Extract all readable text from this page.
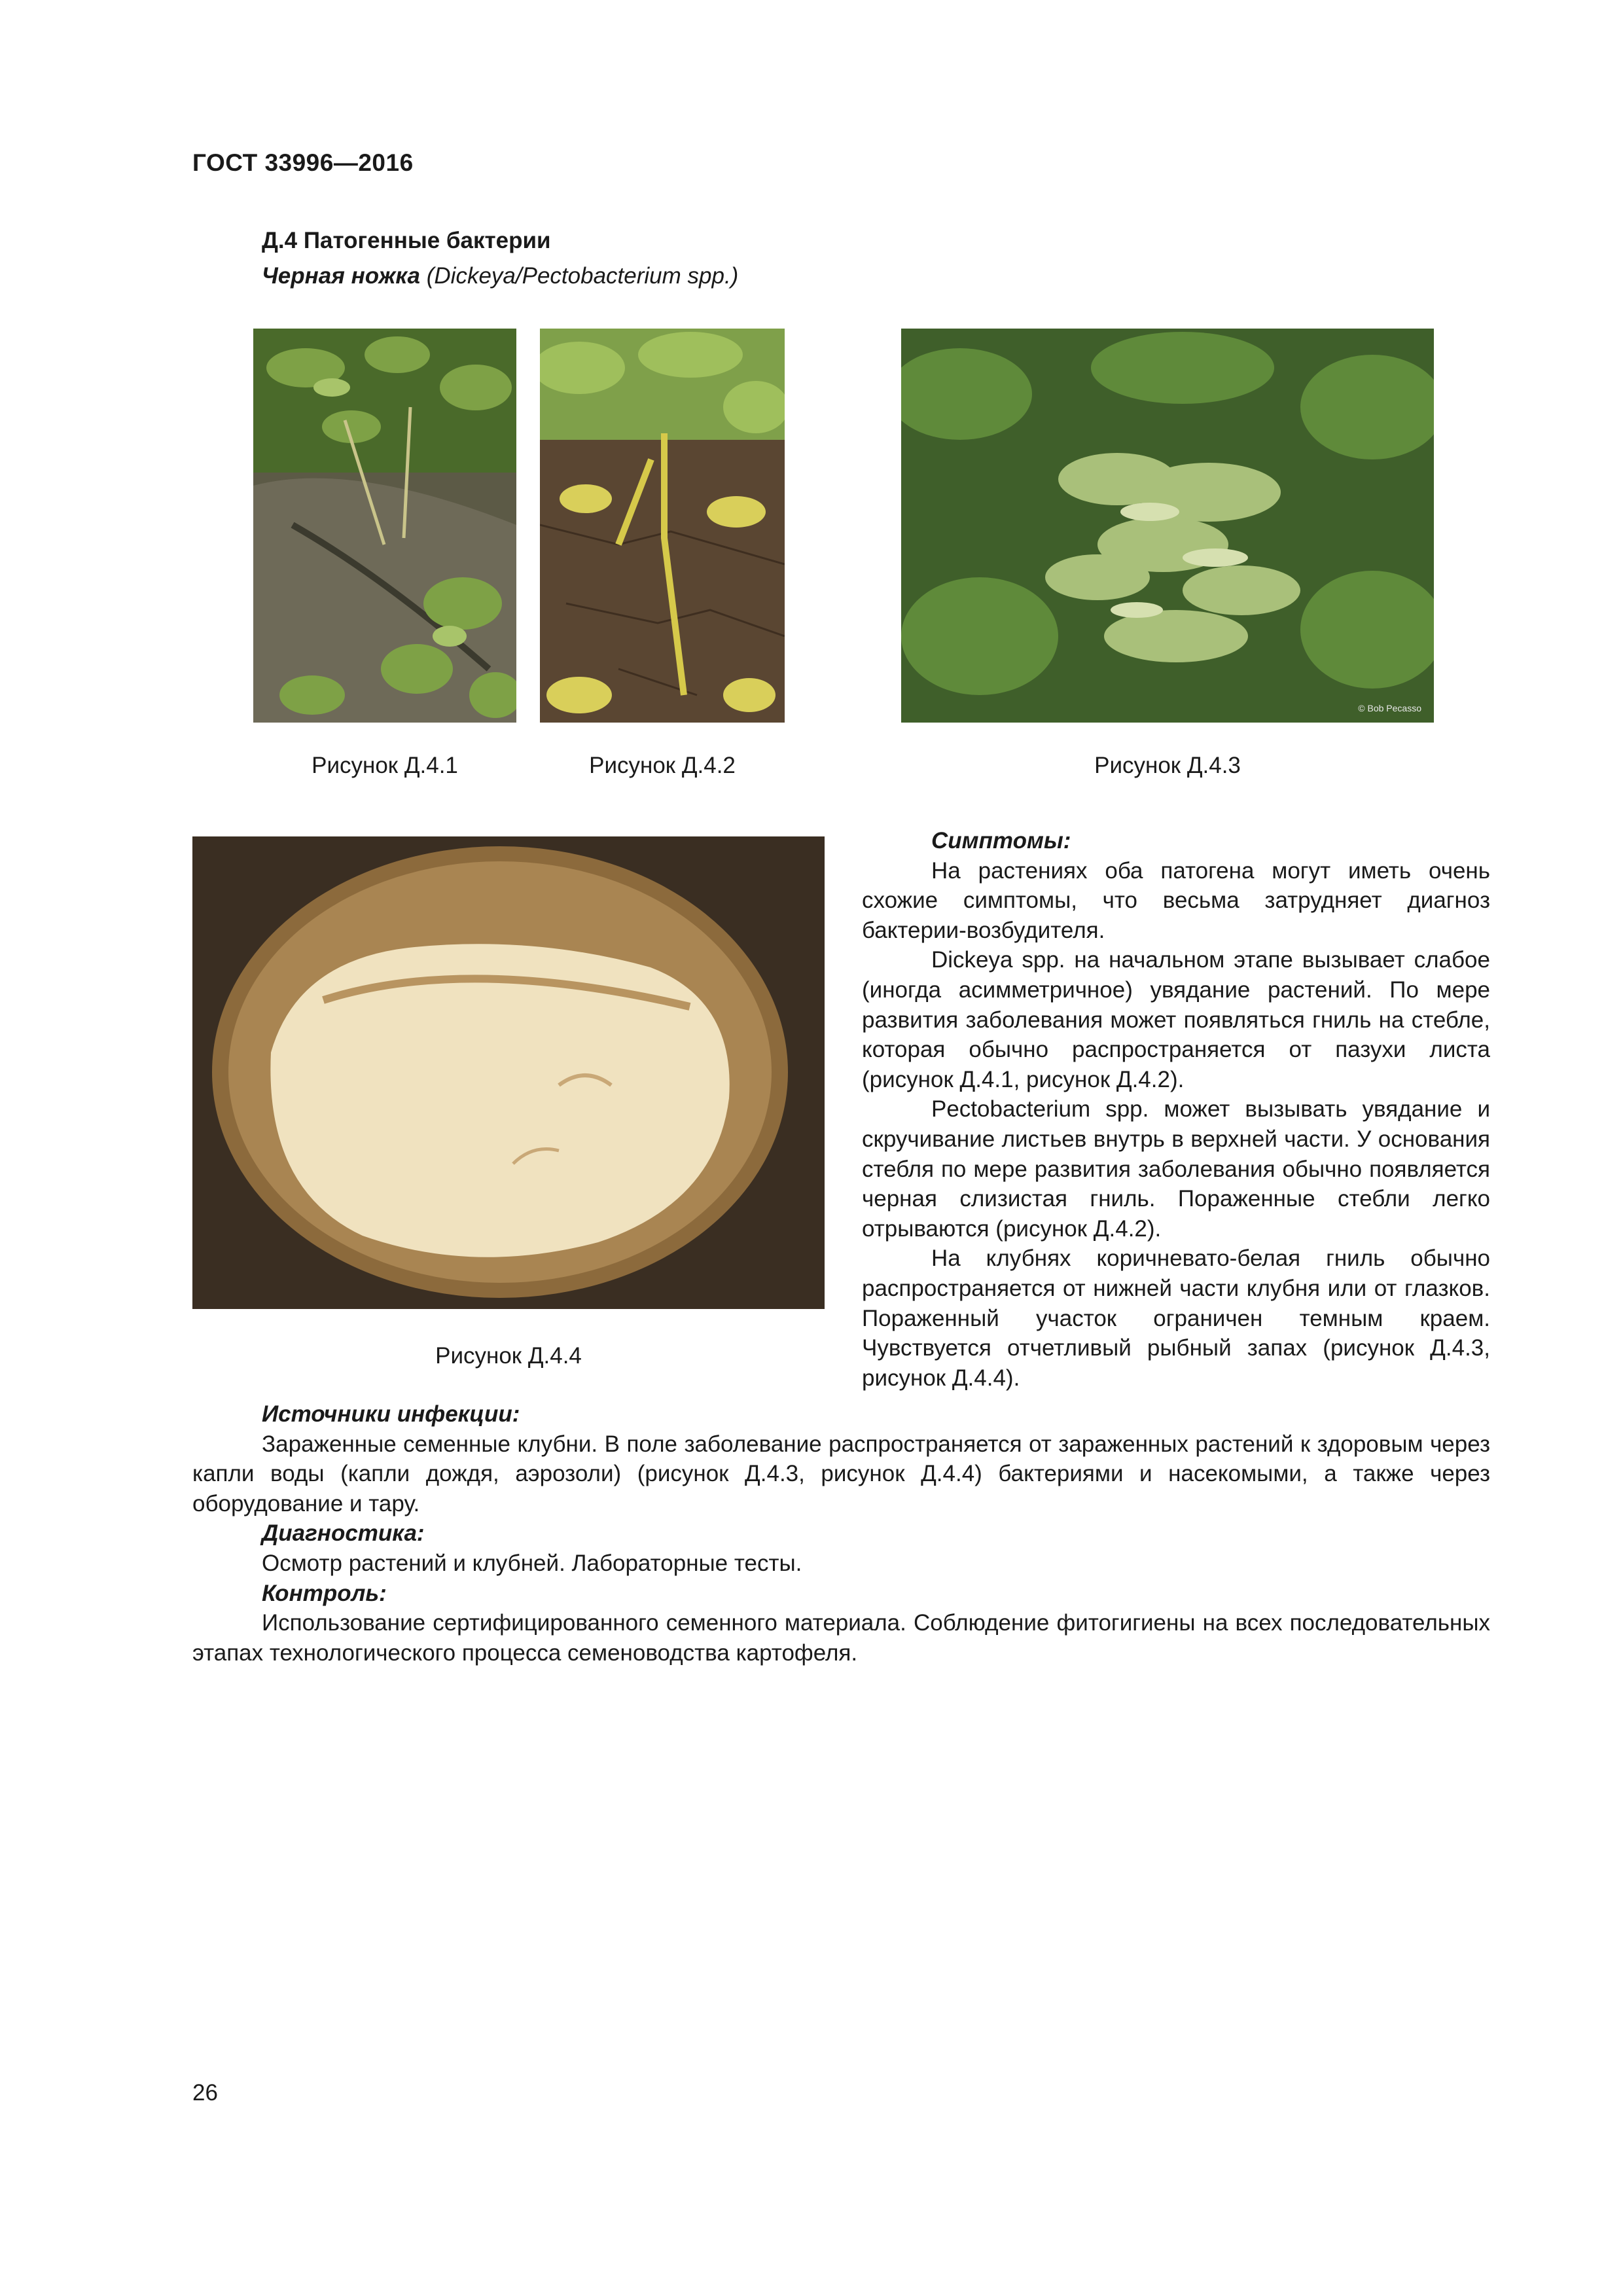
ГОСТ 33996—2016
Д.4 Патогенные бактерии
Черная ножка (Dickeya/Pectobacterium spp.)
© Bob Pecasso
Рисунок Д.4.1	Рисунок Д.4.2	Рисунок Д.4.3
Рисунок Д.4.4

Симптомы:

На растениях оба патогена могут иметь очень схожие симптомы, что весьма затрудняет диагноз бактерии-возбудителя.

Dickeya spp. на начальном этапе вызывает слабое (иногда асимметричное) увядание растений. По мере развития заболевания может появляться гниль на стебле, которая обычно распространяется от пазухи листа (рисунок Д.4.1, рисунок Д.4.2).

Pectobacterium spp. может вызывать увядание и скручивание листьев внутрь в верхней части. У основания стебля по мере развития заболевания обычно появляется черная слизистая гниль. Пораженные стебли легко отрываются (рисунок Д.4.2).

На клубнях коричневато-белая гниль обычно распространяется от нижней части клубня или от глазков. Пораженный участок ограничен темным краем. Чувствуется отчетливый рыбный запах (рисунок Д.4.3, рисунок Д.4.4).

Источники инфекции:

Зараженные семенные клубни. В поле заболевание распространяется от зараженных растений к здоровым через капли воды (капли дождя, аэрозоли) (рисунок Д.4.3, рисунок Д.4.4) бактериями и насекомыми, а также через оборудование и тару.

Диагностика:

Осмотр растений и клубней. Лабораторные тесты.

Контроль:

Использование сертифицированного семенного материала. Соблюдение фитогигиены на всех последовательных этапах технологического процесса семеноводства картофеля.

26
